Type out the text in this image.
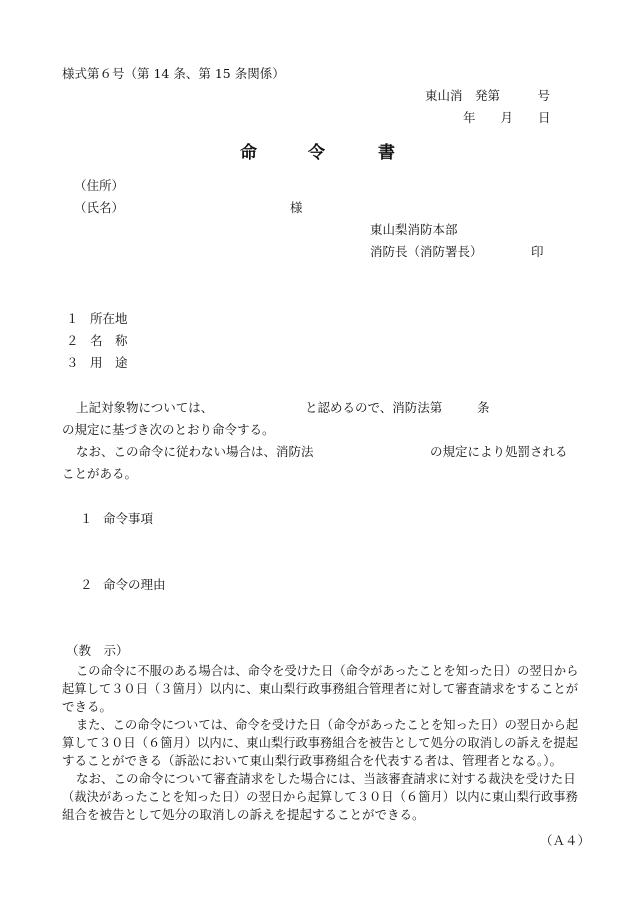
様式第６号（第 14 条、第 15 条関係）
東山消　発第　　　号
年　　月　　日
命	令	書
（住所）
（氏名）	様
東山梨消防本部
消防長（消防署長）	印
１ 所在地
２ 名　称
３ 用　途
上記対象物については、	と認めるので、消防法第	条
の規定に基づき次のとおり命令する。
なお、この命令に従わない場合は、消防法	の規定により処罰される
ことがある。
１ 命令事項
２ 命令の理由
（教　示）
この命令に不服のある場合は、命令を受けた日（命令があったことを知った日）の翌日から
起算して３０日（３箇月）以内に、東山梨行政事務組合管理者に対して審査請求をすることが
できる。
また、この命令については、命令を受けた日（命令があったことを知った日）の翌日から起
算して３０日（６箇月）以内に、東山梨行政事務組合を被告として処分の取消しの訴えを提起
することができる（訴訟において東山梨行政事務組合を代表する者は、管理者となる。）。
なお、この命令について審査請求をした場合には、当該審査請求に対する裁決を受けた日
（裁決があったことを知った日）の翌日から起算して３０日（６箇月）以内に東山梨行政事務
組合を被告として処分の取消しの訴えを提起することができる。
（Ａ４）
